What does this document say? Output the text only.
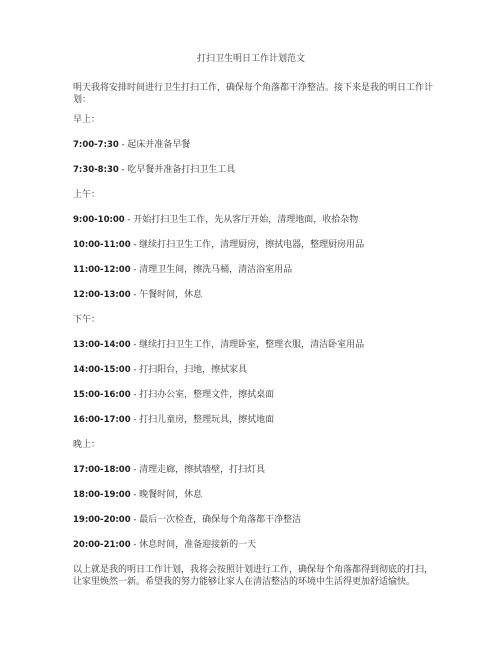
打扫卫生明日工作计划范文
明天我将安排时间进行卫生打扫工作，确保每个角落都干净整洁。接下来是我的明日工作计划：
早上：
7:00-7:30 - 起床并准备早餐
7:30-8:30 - 吃早餐并准备打扫卫生工具
上午：
9:00-10:00 - 开始打扫卫生工作，先从客厅开始，清理地面，收拾杂物
10:00-11:00 - 继续打扫卫生工作，清理厨房，擦拭电器，整理厨房用品
11:00-12:00 - 清理卫生间，擦洗马桶，清洁浴室用品
12:00-13:00 - 午餐时间，休息
下午：
13:00-14:00 - 继续打扫卫生工作，清理卧室，整理衣服，清洁卧室用品
14:00-15:00 - 打扫阳台，扫地，擦拭家具
15:00-16:00 - 打扫办公室，整理文件，擦拭桌面
16:00-17:00 - 打扫儿童房，整理玩具，擦拭地面
晚上：
17:00-18:00 - 清理走廊，擦拭墙壁，打扫灯具
18:00-19:00 - 晚餐时间，休息
19:00-20:00 - 最后一次检查，确保每个角落都干净整洁
20:00-21:00 - 休息时间，准备迎接新的一天
以上就是我的明日工作计划，我将会按照计划进行工作，确保每个角落都得到彻底的打扫，让家里焕然一新。希望我的努力能够让家人在清洁整洁的环境中生活得更加舒适愉快。
